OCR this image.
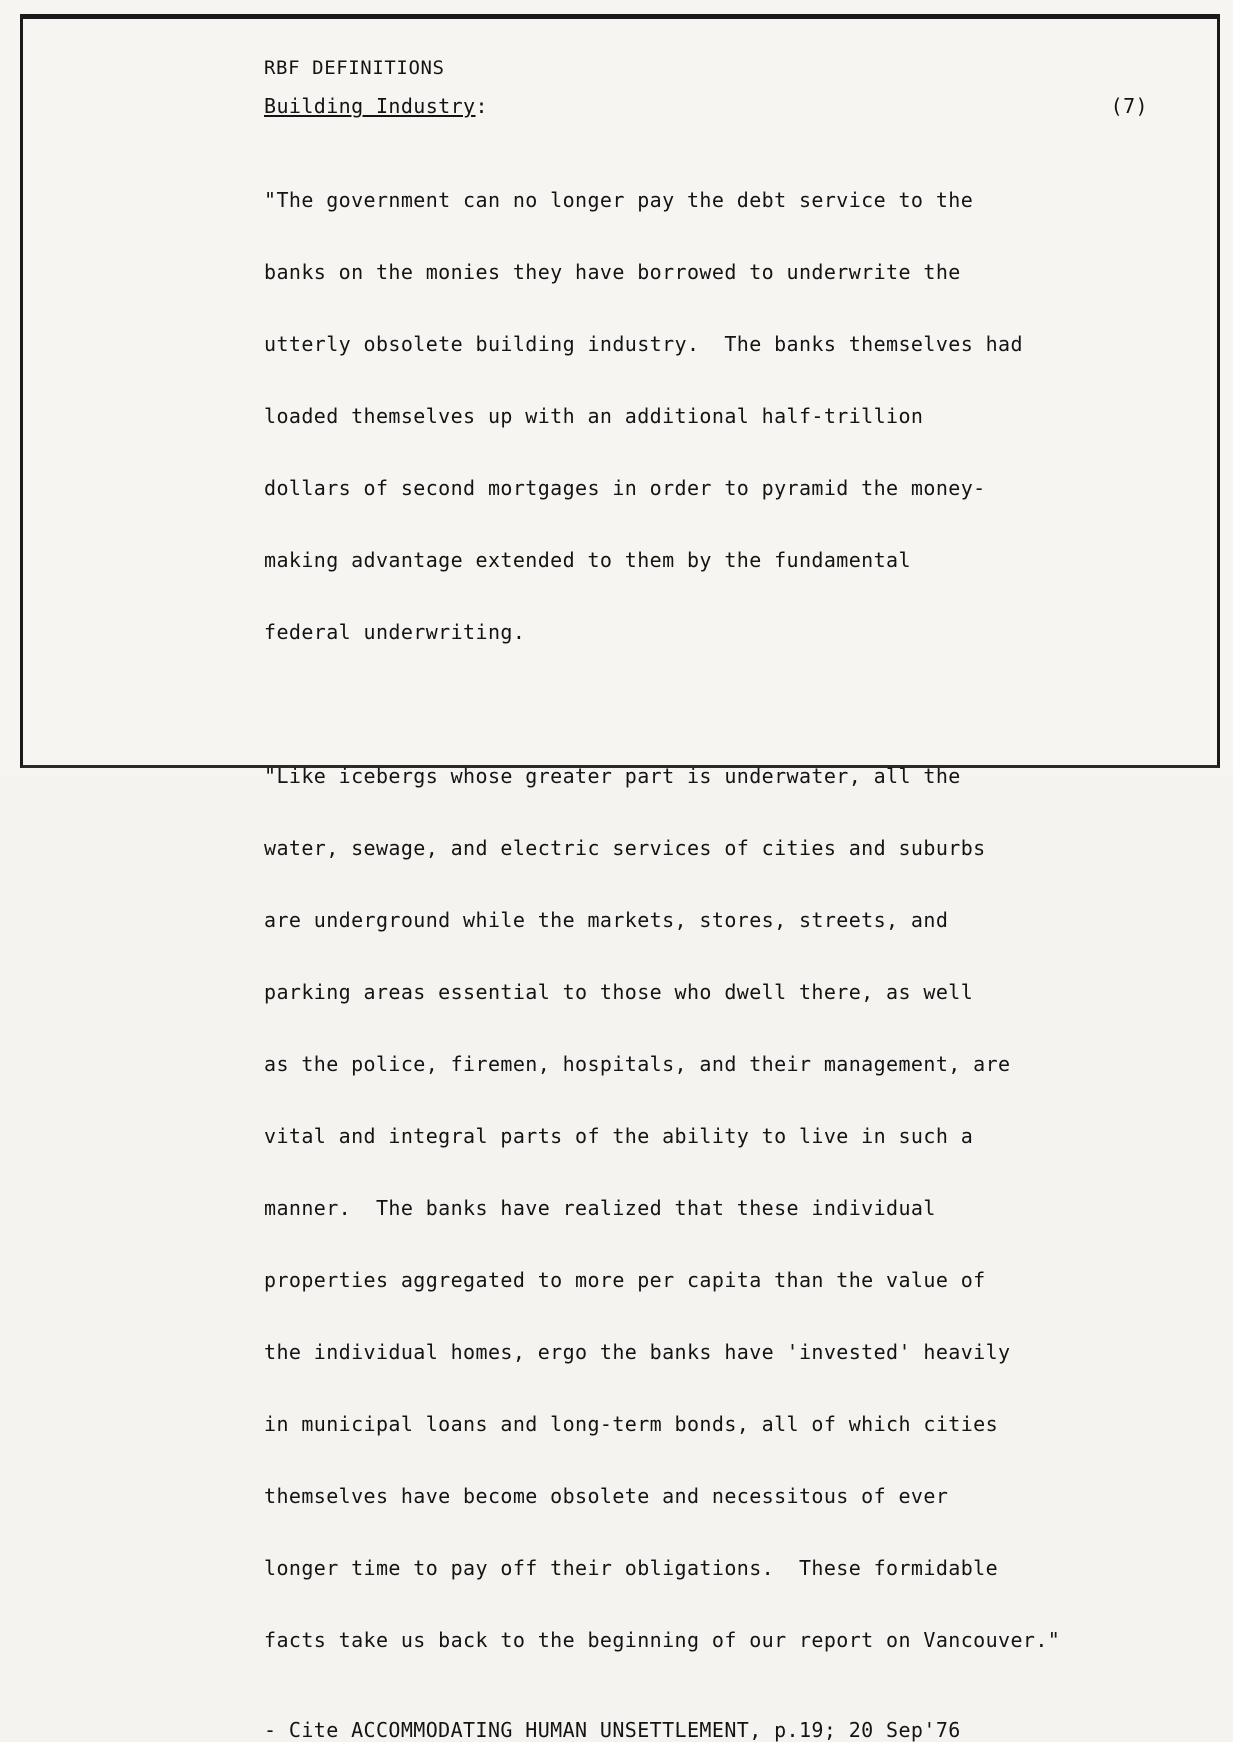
RBF DEFINITIONS
Building Industry:	(7)

"The government can no longer pay the debt service to the

banks on the monies they have borrowed to underwrite the

utterly obsolete building industry.  The banks themselves had

loaded themselves up with an additional half-trillion

dollars of second mortgages in order to pyramid the money-

making advantage extended to them by the fundamental

federal underwriting.

"Like icebergs whose greater part is underwater, all the

water, sewage, and electric services of cities and suburbs

are underground while the markets, stores, streets, and

parking areas essential to those who dwell there, as well

as the police, firemen, hospitals, and their management, are

vital and integral parts of the ability to live in such a

manner.  The banks have realized that these individual

properties aggregated to more per capita than the value of

the individual homes, ergo the banks have 'invested' heavily

in municipal loans and long-term bonds, all of which cities

themselves have become obsolete and necessitous of ever

longer time to pay off their obligations.  These formidable

facts take us back to the beginning of our report on Vancouver."

- Cite ACCOMMODATING HUMAN UNSETTLEMENT, p.19; 20 Sep'76
